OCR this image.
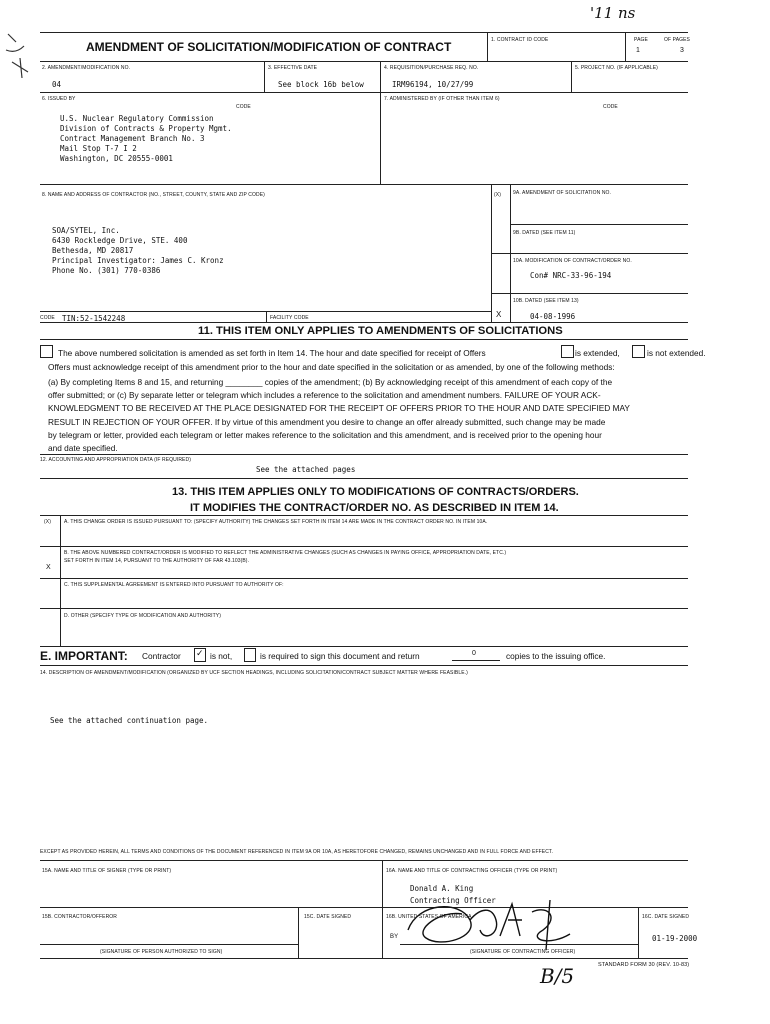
'11 ns
AMENDMENT OF SOLICITATION/MODIFICATION OF CONTRACT	1. CONTRACT ID CODE	PAGE	OF PAGES
1	3
2. AMENDMENT/MODIFICATION NO.
04
3. EFFECTIVE DATE
See block 16b below
4. REQUISITION/PURCHASE REQ. NO.
IRM96194, 10/27/99
5. PROJECT NO. (IF APPLICABLE)
6. ISSUED BY
CODE
7. ADMINISTERED BY (IF OTHER THAN ITEM 6)
CODE
U.S. Nuclear Regulatory Commission
Division of Contracts & Property Mgmt.
Contract Management Branch No. 3
Mail Stop T-7 I 2
Washington, DC 20555-0001
8. NAME AND ADDRESS OF CONTRACTOR (NO., STREET, COUNTY, STATE AND ZIP CODE)
SOA/SYTEL, Inc.
6430 Rockledge Drive, STE. 400
Bethesda, MD 20817
Principal Investigator: James C. Kronz
Phone No. (301) 770-0386
(X) 9A. AMENDMENT OF SOLICITATION NO.
9B. DATED (SEE ITEM 11)
10A. MODIFICATION OF CONTRACT/ORDER NO.
Con# NRC-33-96-194
10B. DATED (SEE ITEM 13)
X	04-08-1996
CODE TIN:52-1542248	FACILITY CODE
11. THIS ITEM ONLY APPLIES TO AMENDMENTS OF SOLICITATIONS
The above numbered solicitation is amended as set forth in Item 14. The hour and date specified for receipt of Offers	is extended,	is not extended.
Offers must acknowledge receipt of this amendment prior to the hour and date specified in the solicitation or as amended, by one of the following methods:
(a) By completing Items 8 and 15, and returning ________ copies of the amendment; (b) By acknowledging receipt of this amendment of each copy of the
offer submitted; or (c) By separate letter or telegram which includes a reference to the solicitation and amendment numbers. FAILURE OF YOUR ACK-
KNOWLEDGMENT TO BE RECEIVED AT THE PLACE DESIGNATED FOR THE RECEIPT OF OFFERS PRIOR TO THE HOUR AND DATE SPECIFIED MAY
RESULT IN REJECTION OF YOUR OFFER. If by virtue of this amendment you desire to change an offer already submitted, such change may be made
by telegram or letter, provided each telegram or letter makes reference to the solicitation and this amendment, and is received prior to the opening hour
and date specified.
12. ACCOUNTING AND APPROPRIATION DATA (IF REQUIRED)
See the attached pages
13. THIS ITEM APPLIES ONLY TO MODIFICATIONS OF CONTRACTS/ORDERS.
IT MODIFIES THE CONTRACT/ORDER NO. AS DESCRIBED IN ITEM 14.
(X)	A. THIS CHANGE ORDER IS ISSUED PURSUANT TO: (SPECIFY AUTHORITY) THE CHANGES SET FORTH IN ITEM 14 ARE MADE IN THE CONTRACT ORDER NO. IN ITEM 10A.
B. THE ABOVE NUMBERED CONTRACT/ORDER IS MODIFIED TO REFLECT THE ADMINISTRATIVE CHANGES (SUCH AS CHANGES IN PAYING OFFICE, APPROPRIATION DATE, ETC.)
SET FORTH IN ITEM 14, PURSUANT TO THE AUTHORITY OF FAR 43.103(B).
X
C. THIS SUPPLEMENTAL AGREEMENT IS ENTERED INTO PURSUANT TO AUTHORITY OF:
D. OTHER (SPECIFY TYPE OF MODIFICATION AND AUTHORITY)
E. IMPORTANT: Contractor ✓ is not,	is required to sign this document and return	0	copies to the issuing office.
14. DESCRIPTION OF AMENDMENT/MODIFICATION (ORGANIZED BY UCF SECTION HEADINGS, INCLUDING SOLICITATION/CONTRACT SUBJECT MATTER WHERE FEASIBLE.)
See the attached continuation page.
EXCEPT AS PROVIDED HEREIN, ALL TERMS AND CONDITIONS OF THE DOCUMENT REFERENCED IN ITEM 9A OR 10A, AS HERETOFORE CHANGED, REMAINS UNCHANGED AND IN FULL FORCE AND EFFECT.
15A. NAME AND TITLE OF SIGNER (TYPE OR PRINT)	16A. NAME AND TITLE OF CONTRACTING OFFICER (TYPE OR PRINT)
Donald A. King
Contracting Officer
15B. CONTRACTOR/OFFEROR	15C. DATE SIGNED	16B. UNITED STATES OF AMERICA	16C. DATE SIGNED
BY	01-19-2000
(SIGNATURE OF PERSON AUTHORIZED TO SIGN)	(SIGNATURE OF CONTRACTING OFFICER)
STANDARD FORM 30 (REV. 10-83)
B/5
